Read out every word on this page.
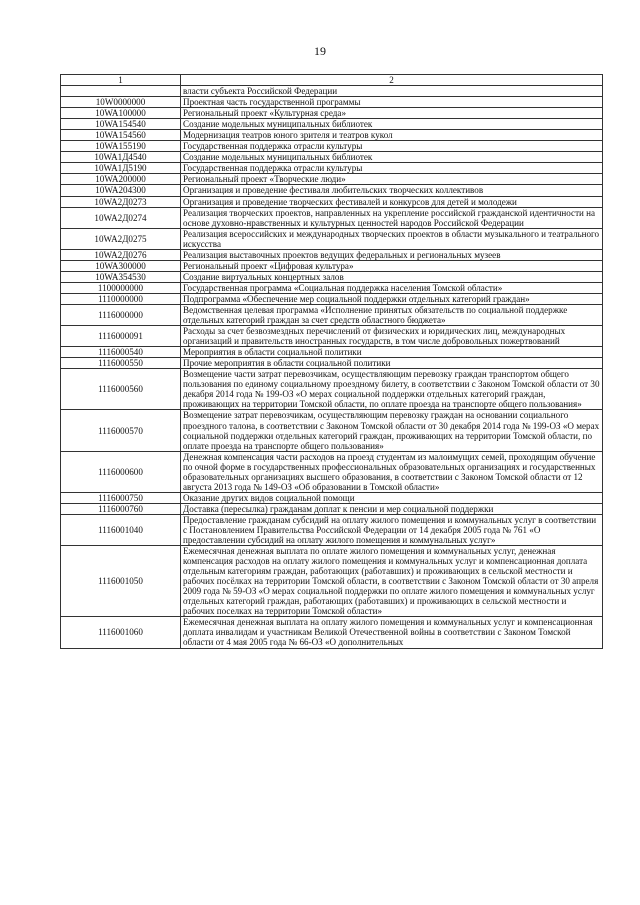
19
1	2
	власти субъекта Российской Федерации
10W0000000	Проектная часть государственной программы
10WA100000	Региональный проект «Культурная среда»
10WA154540	Создание модельных муниципальных библиотек
10WA154560	Модернизация театров юного зрителя и театров кукол
10WA155190	Государственная поддержка отрасли культуры
10WA1Д4540	Создание модельных муниципальных библиотек
10WA1Д5190	Государственная поддержка отрасли культуры
10WA200000	Региональный проект «Творческие люди»
10WA204300	Организация и проведение фестиваля любительских творческих коллективов
10WA2Д0273	Организация и проведение творческих фестивалей и конкурсов для детей и молодежи
10WA2Д0274	Реализация творческих проектов, направленных на укрепление российской гражданской идентичности на основе духовно-нравственных и культурных ценностей народов Российской Федерации
10WA2Д0275	Реализация всероссийских и международных творческих проектов в области музыкального и театрального искусства
10WA2Д0276	Реализация выставочных проектов ведущих федеральных и региональных музеев
10WA300000	Региональный проект «Цифровая культура»
10WA354530	Создание виртуальных концертных залов
1100000000	Государственная программа «Социальная поддержка населения Томской области»
1110000000	Подпрограмма «Обеспечение мер социальной поддержки отдельных категорий граждан»
1116000000	Ведомственная целевая программа «Исполнение принятых обязательств по социальной поддержке отдельных категорий граждан за счет средств областного бюджета»
1116000091	Расходы за счет безвозмездных перечислений от физических и юридических лиц, международных организаций и правительств иностранных государств, в том числе добровольных пожертвований
1116000540	Мероприятия в области социальной политики
1116000550	Прочие мероприятия в области социальной политики
1116000560	Возмещение части затрат перевозчикам, осуществляющим перевозку граждан транспортом общего пользования по единому социальному проездному билету, в соответствии с Законом Томской области от 30 декабря 2014 года № 199-ОЗ «О мерах социальной поддержки отдельных категорий граждан, проживающих на территории Томской области, по оплате проезда на транспорте общего пользования»
1116000570	Возмещение затрат перевозчикам, осуществляющим перевозку граждан на основании социального проездного талона, в соответствии с Законом Томской области от 30 декабря 2014 года № 199-ОЗ «О мерах социальной поддержки отдельных категорий граждан, проживающих на территории Томской области, по оплате проезда на транспорте общего пользования»
1116000600	Денежная компенсация части расходов на проезд студентам из малоимущих семей, проходящим обучение по очной форме в государственных профессиональных образовательных организациях и государственных образовательных организациях высшего образования, в соответствии с Законом Томской области от 12 августа 2013 года № 149-ОЗ «Об образовании в Томской области»
1116000750	Оказание других видов социальной помощи
1116000760	Доставка (пересылка) гражданам доплат к пенсии и мер социальной поддержки
1116001040	Предоставление гражданам субсидий на оплату жилого помещения и коммунальных услуг в соответствии с Постановлением Правительства Российской Федерации от 14 декабря 2005 года № 761 «О предоставлении субсидий на оплату жилого помещения и коммунальных услуг»
1116001050	Ежемесячная денежная выплата по оплате жилого помещения и коммунальных услуг, денежная компенсация расходов на оплату жилого помещения и коммунальных услуг и компенсационная доплата отдельным категориям граждан, работающих (работавших) и проживающих в сельской местности и рабочих посёлках на территории Томской области, в соответствии с Законом Томской области от 30 апреля 2009 года № 59-ОЗ «О мерах социальной поддержки по оплате жилого помещения и коммунальных услуг отдельных категорий граждан, работающих (работавших) и проживающих в сельской местности и рабочих поселках на территории Томской области»
1116001060	Ежемесячная денежная выплата на оплату жилого помещения и коммунальных услуг и компенсационная доплата инвалидам и участникам Великой Отечественной войны в соответствии с Законом Томской области от 4 мая 2005 года № 66-ОЗ «О дополнительных
